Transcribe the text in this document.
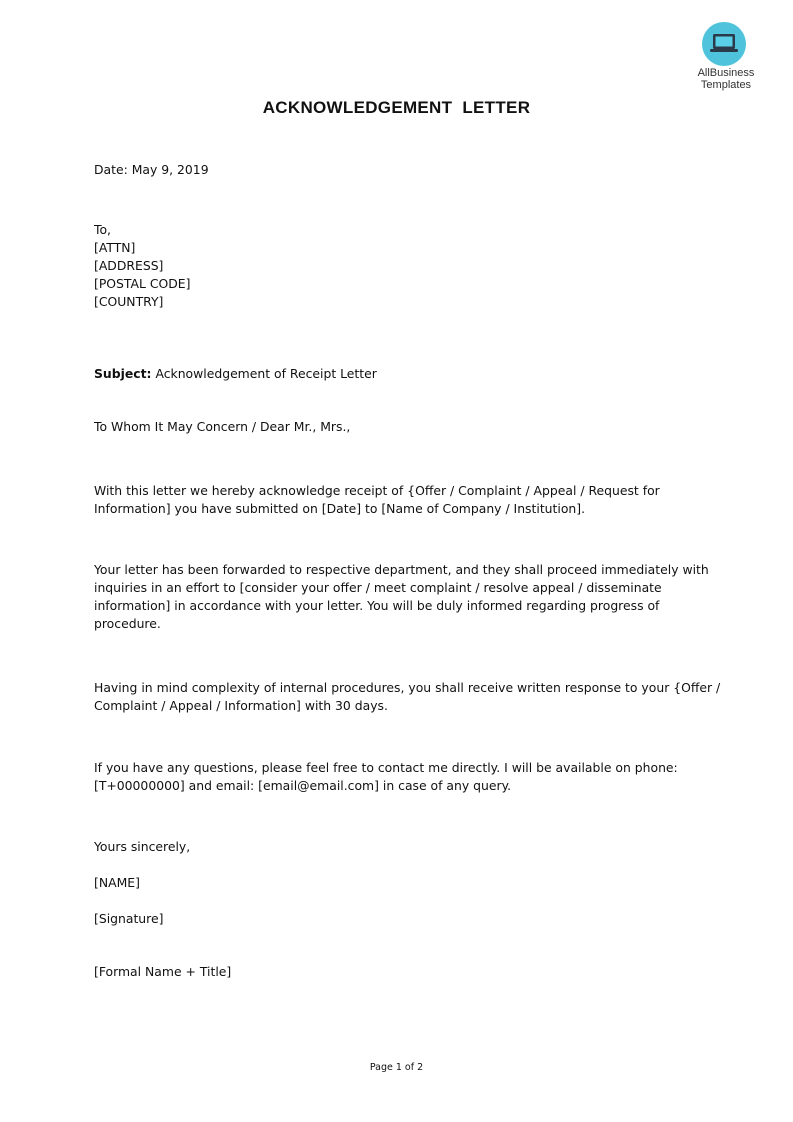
AllBusiness
Templates
ACKNOWLEDGEMENT  LETTER
Date: May 9, 2019
To,
[ATTN]
[ADDRESS]
[POSTAL CODE]
[COUNTRY]
Subject: Acknowledgement of Receipt Letter
To Whom It May Concern / Dear Mr., Mrs.,
With this letter we hereby acknowledge receipt of {Offer / Complaint / Appeal / Request for
Information] you have submitted on [Date] to [Name of Company / Institution].
Your letter has been forwarded to respective department, and they shall proceed immediately with
inquiries in an effort to [consider your offer / meet complaint / resolve appeal / disseminate
information] in accordance with your letter. You will be duly informed regarding progress of
procedure.
Having in mind complexity of internal procedures, you shall receive written response to your {Offer /
Complaint / Appeal / Information] with 30 days.
If you have any questions, please feel free to contact me directly. I will be available on phone:
[T+00000000] and email: [email@email.com] in case of any query.
Yours sincerely,
[NAME]
[Signature]
[Formal Name + Title]
Page 1 of 2
